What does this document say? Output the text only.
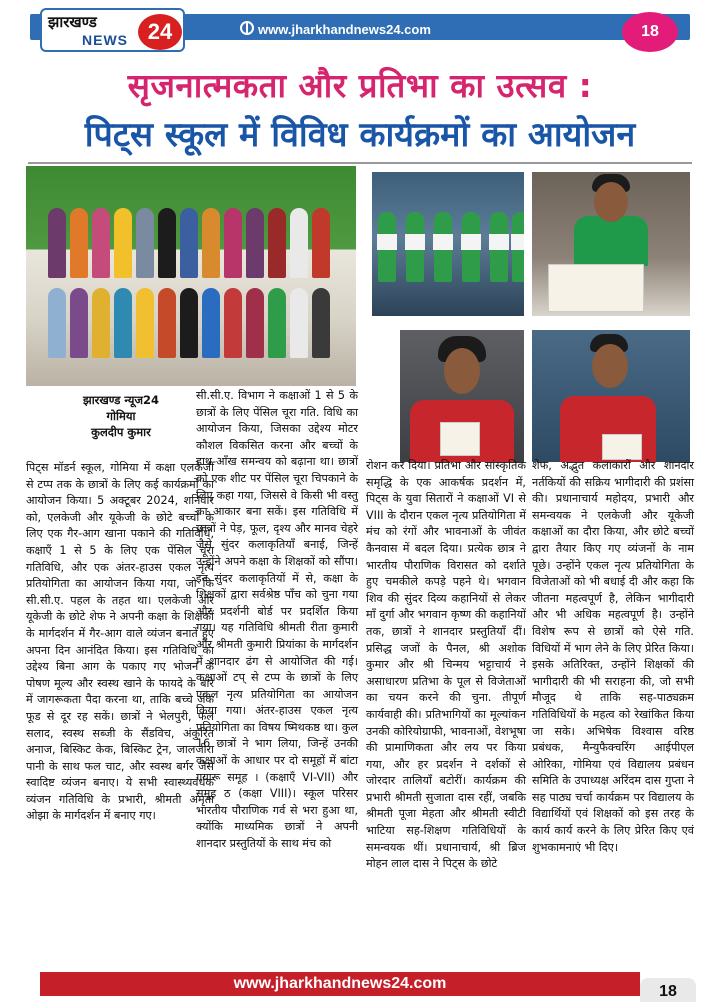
झारखण्ड
NEWS 24	www.jharkhandnews24.com	18
सृजनात्मकता और प्रतिभा का उत्सव :
पिट्स स्कूल में विविध कार्यक्रमों का आयोजन
झारखण्ड न्यूज24
गोमिया
कुलदीप कुमार
पिट्स मॉडर्न स्कूल, गोमिया में कक्षा एलकेजी से टप्प तक के छात्रों के लिए कई कार्यक्रमों का आयोजन किया। 5 अक्टूबर 2024, शनिवार को, एलकेजी और यूकेजी के छोटे बच्चों के लिए एक गैर-आग खाना पकाने की गतिविधि, कक्षाएँ 1 से 5 के लिए एक पेंसिल चूरा गतिविधि, और एक अंतर-हाउस एकल नृत्य प्रतियोगिता का आयोजन किया गया, जो कि सी.सी.ए. पहल के तहत था। एलकेजी और यूकेजी के छोटे शेफ ने अपनी कक्षा के शिक्षकों के मार्गदर्शन में गैर-आग वाले व्यंजन बनाते हुए अपना दिन आनंदित किया। इस गतिविधि का उद्देश्य बिना आग के पकाए गए भोजन के पोषण मूल्य और स्वस्थ खाने के फायदे के बारे में जागरूकता पैदा करना था, ताकि बच्चे जंक फूड से दूर रह सकें। छात्रों ने भेलपुरी, फल सलाद, स्वस्थ सब्जी के सैंडविच, अंकुरित अनाज, बिस्किट केक, बिस्किट ट्रेन, जालजीरा पानी के साथ फल चाट, और स्वस्थ बर्गर जैसे स्वादिष्ट व्यंजन बनाए। ये सभी स्वास्थ्यवर्धक व्यंजन गतिविधि के प्रभारी, श्रीमती अमृता ओझा के मार्गदर्शन में बनाए गए।
सी.सी.ए. विभाग ने कक्षाओं 1 से 5 के छात्रों के लिए पेंसिल चूरा गति. विधि का आयोजन किया, जिसका उद्देश्य मोटर कौशल विकसित करना और बच्चों के हाथ-आँख समन्वय को बढ़ाना था। छात्रों को एक शीट पर पेंसिल चूरा चिपकाने के लिए कहा गया, जिससे वे किसी भी वस्तु का आकार बना सकें। इस गतिविधि में छात्रों ने पेड़, फूल, दृश्य और मानव चेहरे जैसे सुंदर कलाकृतियाँ बनाई, जिन्हें उन्होंने अपने कक्षा के शिक्षकों को सौंपा। इन सुंदर कलाकृतियों में से, कक्षा के शिक्षकों द्वारा सर्वश्रेष्ठ पाँच को चुना गया और प्रदर्शनी बोर्ड पर प्रदर्शित किया गया। यह गतिविधि श्रीमती रीता कुमारी और श्रीमती कुमारी प्रियांका के मार्गदर्शन में शानदार ढंग से आयोजित की गई। कक्षाओं टप् से टप्प के छात्रों के लिए एकल नृत्य प्रतियोगिता का आयोजन किया गया। अंतर-हाउस एकल नृत्य प्रतियोगिता का विषय ष्मिथकष्ठ था। कुल 16 छात्रों ने भाग लिया, जिन्हें उनकी कक्षाओं के आधार पर दो समूहों में बांटा गयारू समूह । (कक्षाएँ VI-VII) और समूह ठ (कक्षा VIII)। स्कूल परिसर भारतीय पौराणिक गर्व से भरा हुआ था, क्योंकि माध्यमिक छात्रों ने अपनी शानदार प्रस्तुतियों के साथ मंच को
रोशन कर दिया। प्रतिभा और सांस्कृतिक समृद्धि के एक आकर्षक प्रदर्शन में, पिट्स के युवा सितारों ने कक्षाओं VI से VIII के दौरान एकल नृत्य प्रतियोगिता में मंच को रंगों और भावनाओं के जीवंत कैनवास में बदल दिया। प्रत्येक छात्र ने भारतीय पौराणिक विरासत को दर्शाते हुए चमकीले कपड़े पहने थे। भगवान शिव की सुंदर दिव्य कहानियों से लेकर माँ दुर्गा और भगवान कृष्ण की कहानियों तक, छात्रों ने शानदार प्रस्तुतियाँ दीं। प्रसिद्ध जजों के पैनल, श्री अशोक कुमार और श्री चिन्मय भट्टाचार्य ने असाधारण प्रतिभा के पूल से विजेताओं का चयन करने की चुना. तीपूर्ण कार्यवाही की। प्रतिभागियों का मूल्यांकन उनकी कोरियोग्राफी, भावनाओं, वेशभूषा की प्रामाणिकता और लय पर किया गया, और हर प्रदर्शन ने दर्शकों से जोरदार तालियाँ बटोरीं। कार्यक्रम की प्रभारी श्रीमती सुजाता दास रहीं, जबकि श्रीमती पूजा मेहता और श्रीमती स्वीटी भाटिया सह-शिक्षण गतिविधियों के समन्वयक थीं। प्रधानाचार्य, श्री ब्रिज मोहन लाल दास ने पिट्स के छोटे
शेफ, अद्भुत कलाकारों और शानदार नर्तकियों की सक्रिय भागीदारी की प्रशंसा की। प्रधानाचार्य महोदय, प्रभारी और समन्वयक ने एलकेजी और यूकेजी कक्षाओं का दौरा किया, और छोटे बच्चों द्वारा तैयार किए गए व्यंजनों के नाम पूछे। उन्होंने एकल नृत्य प्रतियोगिता के विजेताओं को भी बधाई दी और कहा कि जीतना महत्वपूर्ण है, लेकिन भागीदारी और भी अधिक महत्वपूर्ण है। उन्होंने विशेष रूप से छात्रों को ऐसे गति. विधियों में भाग लेने के लिए प्रेरित किया। इसके अतिरिक्त, उन्होंने शिक्षकों की भागीदारी की भी सराहना की, जो सभी मौजूद थे ताकि सह-पाठ्यक्रम गतिविधियों के महत्व को रेखांकित किया जा सके। अभिषेक विश्वास वरिष्ठ प्रबंधक, मैन्युफैक्चरिंग आईपीएल ओरिका, गोमिया एवं विद्यालय प्रबंधन समिति के उपाध्यक्ष अरिंदम दास गुप्ता ने सह पाठ्य चर्चा कार्यक्रम पर विद्यालय के विद्यार्थियों एवं शिक्षकों को इस तरह के कार्य कार्य करने के लिए प्रेरित किए एवं शुभकामनाएं भी दिए।
www.jharkhandnews24.com	18
